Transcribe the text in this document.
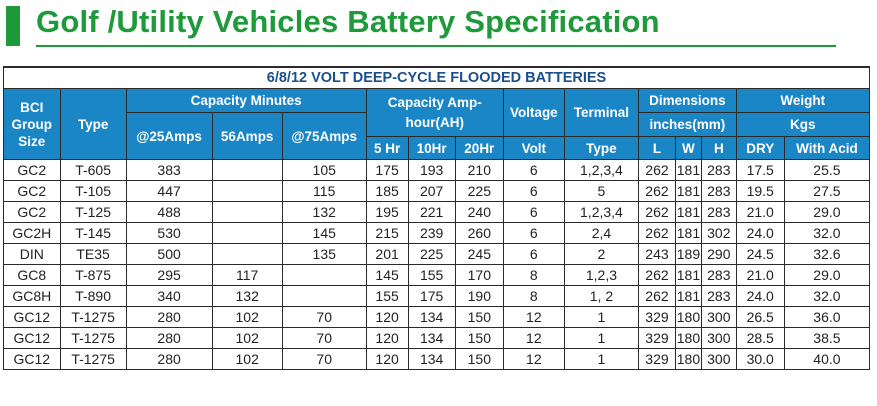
Golf /Utility Vehicles Battery Specification
6/8/12 VOLT DEEP-CYCLE FLOODED BATTERIES														
BCI Group Size	Type	Capacity Minutes			Capacity Amp-hour(AH)			Voltage	Terminal	Dimensions			Weight	
		@25Amps	56Amps	@75Amps						inches(mm)			Kgs	
					5 Hr	10Hr	20Hr	Volt	Type	L	W	H	DRY	With Acid
GC2	T-605	383		105	175	193	210	6	1,2,3,4	262	181	283	17.5	25.5
GC2	T-105	447		115	185	207	225	6	5	262	181	283	19.5	27.5
GC2	T-125	488		132	195	221	240	6	1,2,3,4	262	181	283	21.0	29.0
GC2H	T-145	530		145	215	239	260	6	2,4	262	181	302	24.0	32.0
DIN	TE35	500		135	201	225	245	6	2	243	189	290	24.5	32.6
GC8	T-875	295	117		145	155	170	8	1,2,3	262	181	283	21.0	29.0
GC8H	T-890	340	132		155	175	190	8	1, 2	262	181	283	24.0	32.0
GC12	T-1275	280	102	70	120	134	150	12	1	329	180	300	26.5	36.0
GC12	T-1275	280	102	70	120	134	150	12	1	329	180	300	28.5	38.5
GC12	T-1275	280	102	70	120	134	150	12	1	329	180	300	30.0	40.0
